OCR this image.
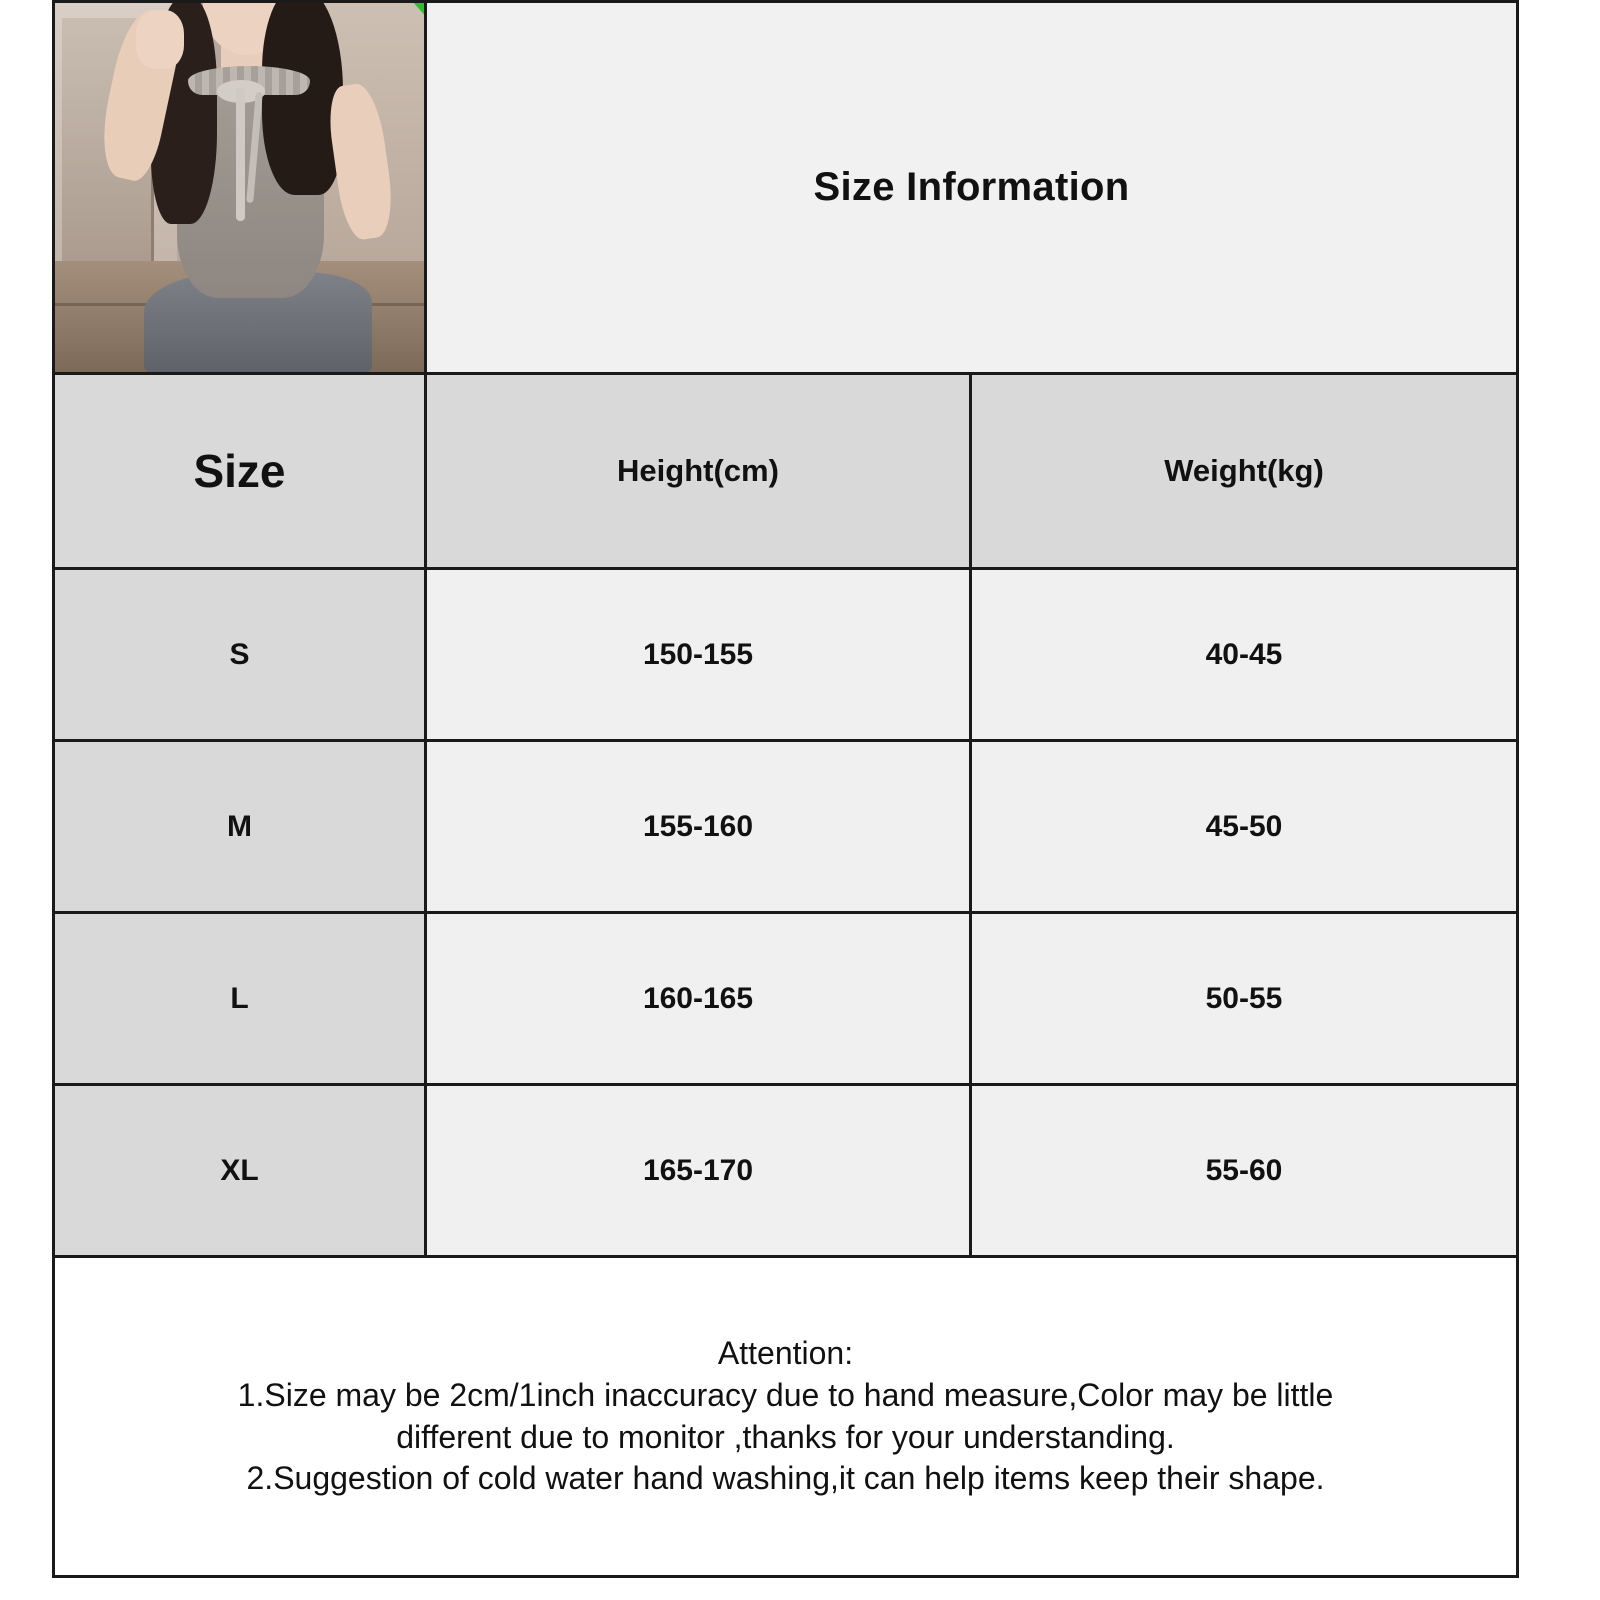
	Size Information	
Size	Height(cm)	Weight(kg)
S	150-155	40-45
M	155-160	45-50
L	160-165	50-55
XL	165-170	55-60

Attention:
1.Size may be 2cm/1inch inaccuracy due to hand measure,Color may be little
different due to monitor ,thanks for your understanding.
2.Suggestion of cold water hand washing,it can help items keep their shape.		
